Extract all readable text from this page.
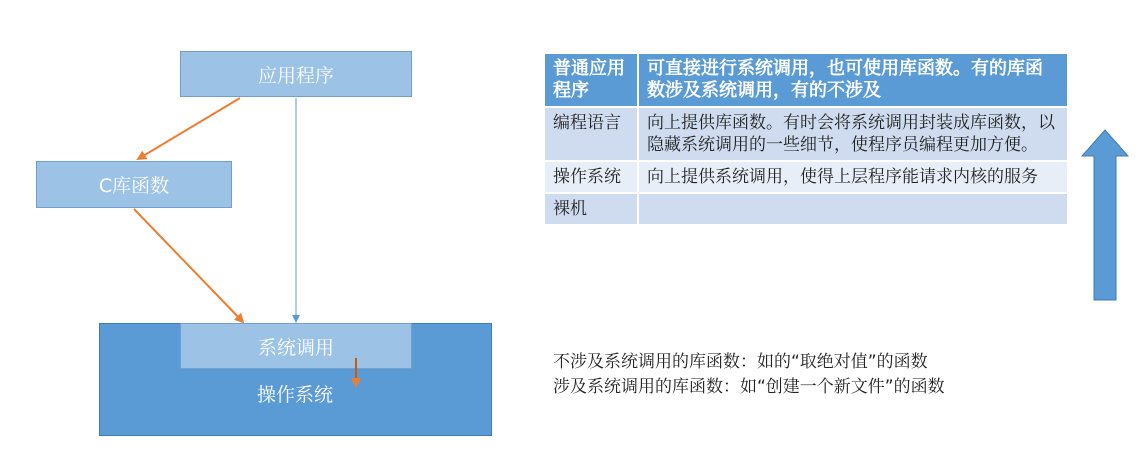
操作系统
系统调用
应用程序
C库函数
普通应用程序	可直接进行系统调用，也可使用库函数。有的库函数涉及系统调用，有的不涉及
编程语言	向上提供库函数。有时会将系统调用封装成库函数，以隐藏系统调用的一些细节，使程序员编程更加方便。
操作系统	向上提供系统调用，使得上层程序能请求内核的服务
裸机	
不涉及系统调用的库函数：如的“取绝对值”的函数
涉及系统调用的库函数：如“创建一个新文件”的函数
